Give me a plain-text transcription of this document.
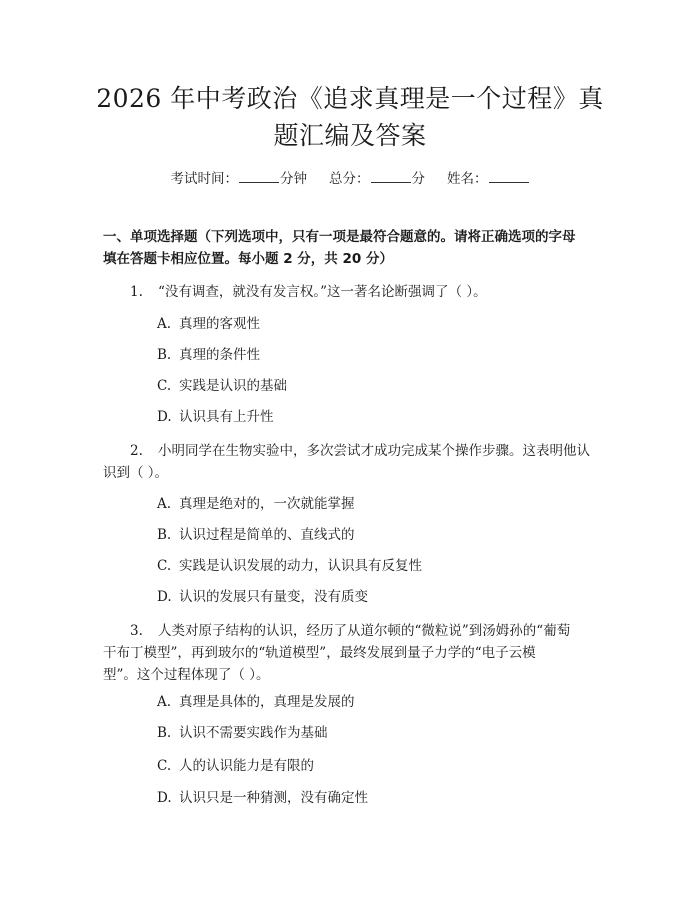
2026 年中考政治《追求真理是一个过程》真
题汇编及答案
考试时间：	分钟 总分：	分 姓名：
一、单项选择题（下列选项中，只有一项是最符合题意的。请将正确选项的字母
填在答题卡相应位置。每小题 2 分，共 20 分）
1. “没有调查，就没有发言权。”这一著名论断强调了（ ）。
A. 真理的客观性
B. 真理的条件性
C. 实践是认识的基础
D. 认识具有上升性
2. 小明同学在生物实验中，多次尝试才成功完成某个操作步骤。这表明他认
识到（ ）。
A. 真理是绝对的，一次就能掌握
B. 认识过程是简单的、直线式的
C. 实践是认识发展的动力，认识具有反复性
D. 认识的发展只有量变，没有质变
3. 人类对原子结构的认识，经历了从道尔顿的“微粒说”到汤姆孙的“葡萄
干布丁模型”，再到玻尔的“轨道模型”，最终发展到量子力学的“电子云模
型”。这个过程体现了（ ）。
A. 真理是具体的，真理是发展的
B. 认识不需要实践作为基础
C. 人的认识能力是有限的
D. 认识只是一种猜测，没有确定性
